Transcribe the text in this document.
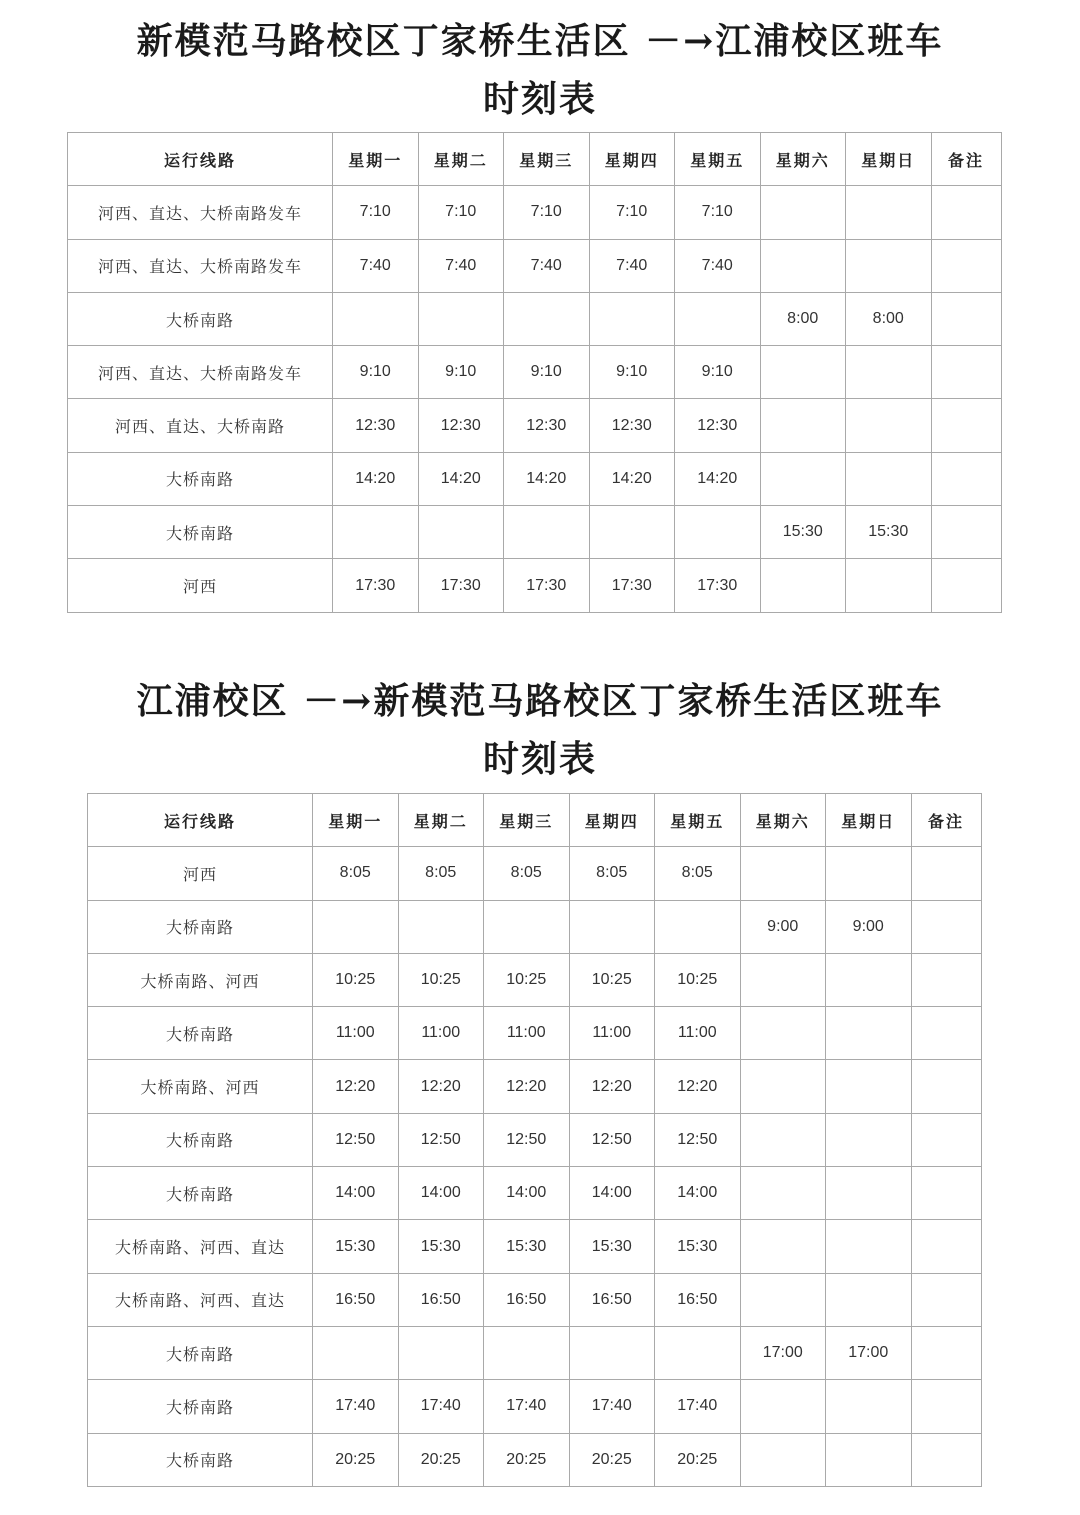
新模范马路校区丁家桥生活区 －→江浦校区班车
时刻表
运行线路	星期一	星期二	星期三	星期四	星期五	星期六	星期日	备注
河西、直达、大桥南路发车	7:10	7:10	7:10	7:10	7:10			
河西、直达、大桥南路发车	7:40	7:40	7:40	7:40	7:40			
大桥南路						8:00	8:00	
河西、直达、大桥南路发车	9:10	9:10	9:10	9:10	9:10			
河西、直达、大桥南路	12:30	12:30	12:30	12:30	12:30			
大桥南路	14:20	14:20	14:20	14:20	14:20			
大桥南路						15:30	15:30	
河西	17:30	17:30	17:30	17:30	17:30			
江浦校区 －→新模范马路校区丁家桥生活区班车
时刻表
运行线路	星期一	星期二	星期三	星期四	星期五	星期六	星期日	备注
河西	8:05	8:05	8:05	8:05	8:05			
大桥南路						9:00	9:00	
大桥南路、河西	10:25	10:25	10:25	10:25	10:25			
大桥南路	11:00	11:00	11:00	11:00	11:00			
大桥南路、河西	12:20	12:20	12:20	12:20	12:20			
大桥南路	12:50	12:50	12:50	12:50	12:50			
大桥南路	14:00	14:00	14:00	14:00	14:00			
大桥南路、河西、直达	15:30	15:30	15:30	15:30	15:30			
大桥南路、河西、直达	16:50	16:50	16:50	16:50	16:50			
大桥南路						17:00	17:00	
大桥南路	17:40	17:40	17:40	17:40	17:40			
大桥南路	20:25	20:25	20:25	20:25	20:25			
